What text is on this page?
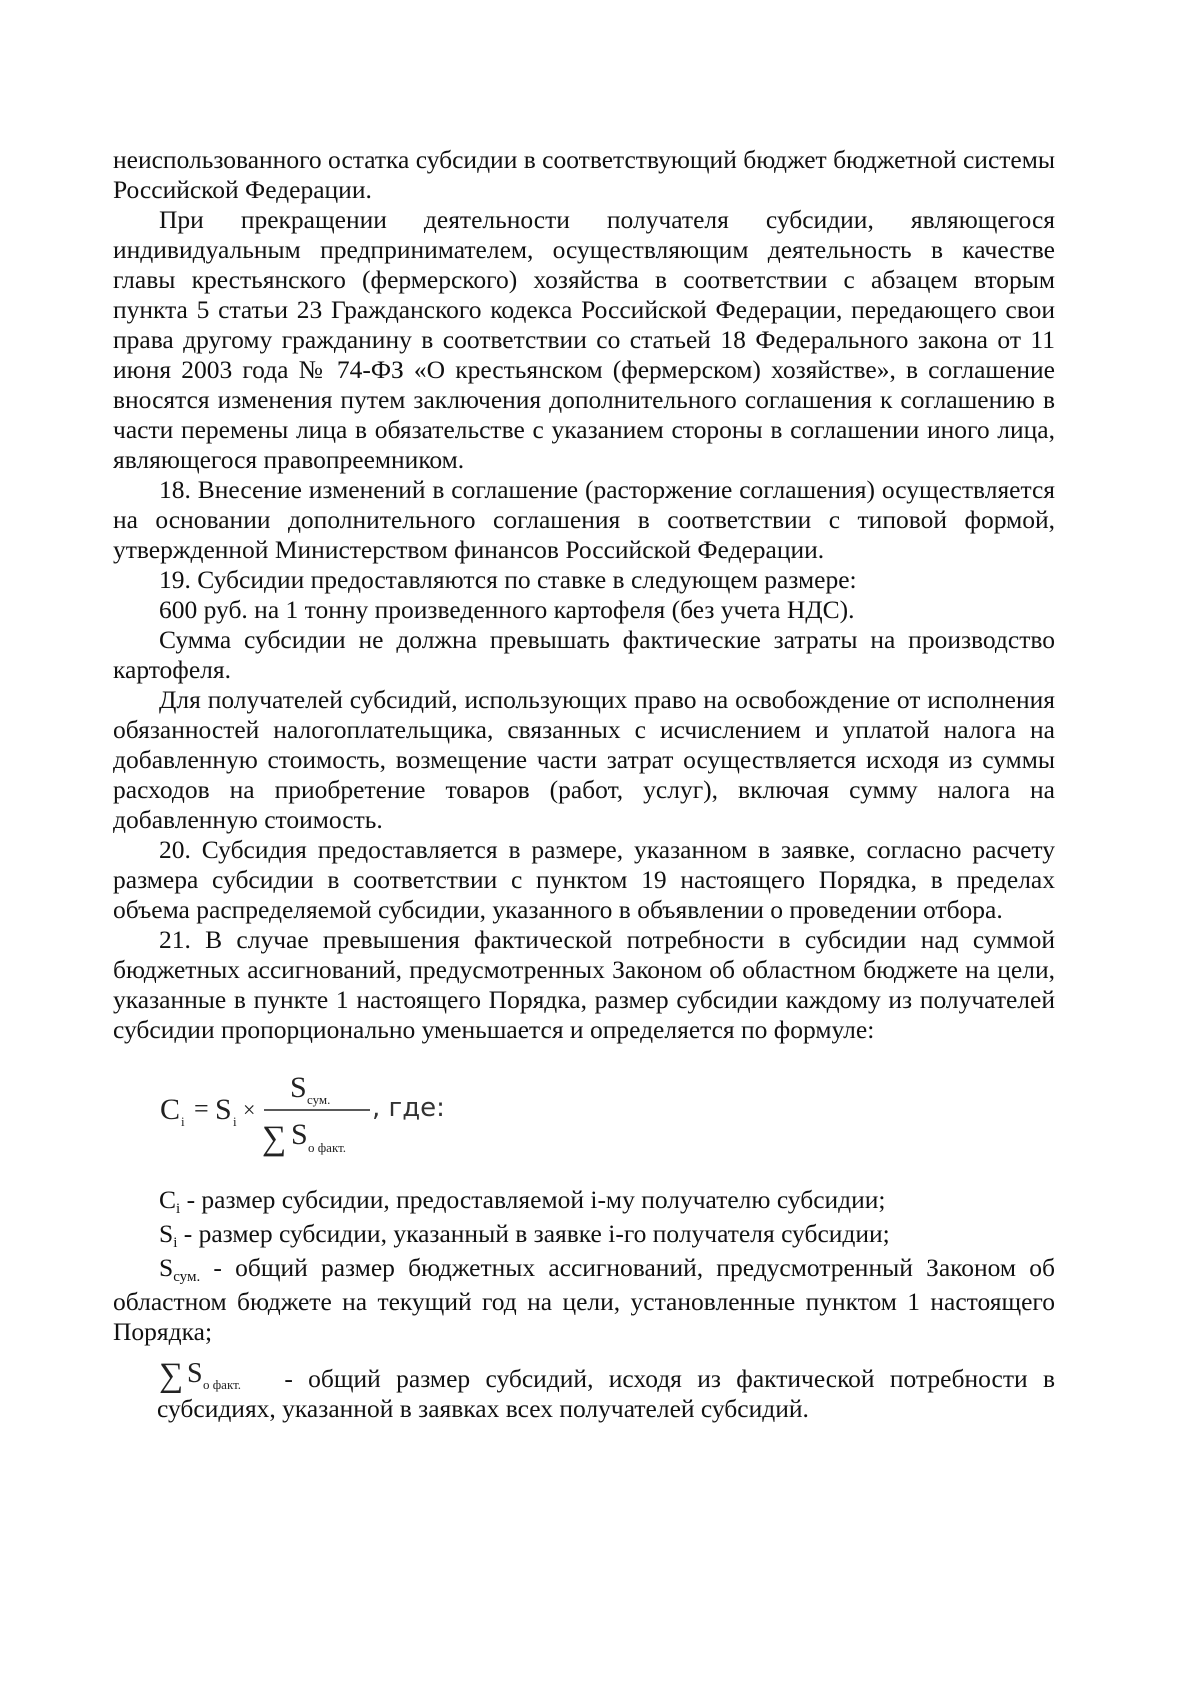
неиспользованного остатка субсидии в соответствующий бюджет бюджетной системы Российской Федерации.

При прекращении деятельности получателя субсидии, являющегося индивидуальным предпринимателем, осуществляющим деятельность в качестве главы крестьянского (фермерского) хозяйства в соответствии с абзацем вторым пункта 5 статьи 23 Гражданского кодекса Российской Федерации, передающего свои права другому гражданину в соответствии со статьей 18 Федерального закона от 11 июня 2003 года № 74-ФЗ «О крестьянском (фермерском) хозяйстве», в соглашение вносятся изменения путем заключения дополнительного соглашения к соглашению в части перемены лица в обязательстве с указанием стороны в соглашении иного лица, являющегося правопреемником.

18. Внесение изменений в соглашение (расторжение соглашения) осуществляется на основании дополнительного соглашения в соответствии с типовой формой, утвержденной Министерством финансов Российской Федерации.

19. Субсидии предоставляются по ставке в следующем размере:

600 руб. на 1 тонну произведенного картофеля (без учета НДС).

Сумма субсидии не должна превышать фактические затраты на производство картофеля.

Для получателей субсидий, использующих право на освобождение от исполнения обязанностей налогоплательщика, связанных с исчислением и уплатой налога на добавленную стоимость, возмещение части затрат осуществляется исходя из суммы расходов на приобретение товаров (работ, услуг), включая сумму налога на добавленную стоимость.

20. Субсидия предоставляется в размере, указанном в заявке, согласно расчету размера субсидии в соответствии с пунктом 19 настоящего Порядка, в пределах объема распределяемой субсидии, указанного в объявлении о проведении отбора.

21. В случае превышения фактической потребности в субсидии над суммой бюджетных ассигнований, предусмотренных Законом об областном бюджете на цели, указанные в пункте 1 настоящего Порядка, размер субсидии каждому из получателей субсидии пропорционально уменьшается и определяется по формуле:

C i = S i ×
S сум.
∑ S о факт.
, где:

Ci - размер субсидии, предоставляемой i-му получателю субсидии;

Si - размер субсидии, указанный в заявке i-го получателя субсидии;

Sсум. - общий размер бюджетных ассигнований, предусмотренный Законом об областном бюджете на текущий год на цели, установленные пунктом 1 настоящего Порядка;

∑ S о факт. - общий размер субсидий, исходя из фактической потребности в субсидиях, указанной в заявках всех получателей субсидий.
